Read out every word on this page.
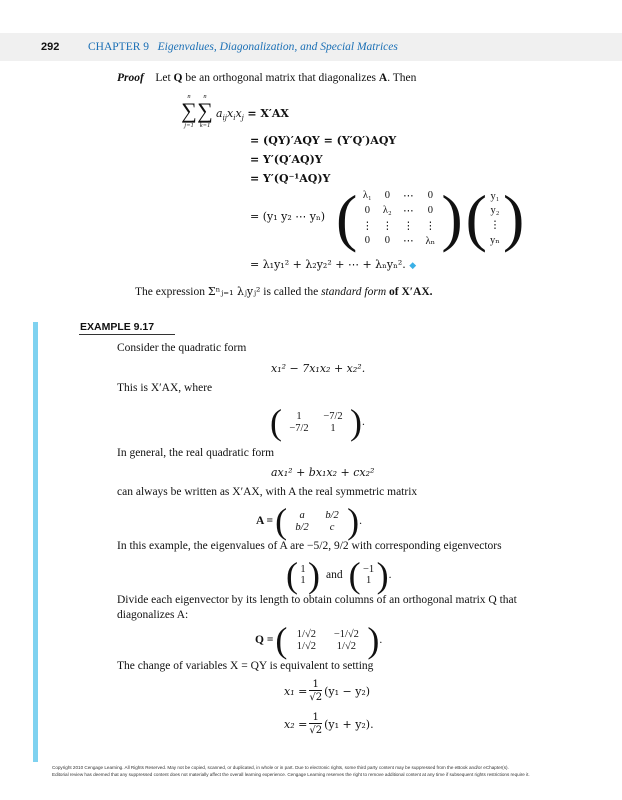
292 CHAPTER 9 Eigenvalues, Diagonalization, and Special Matrices
Proof Let Q be an orthogonal matrix that diagonalizes A. Then
n
∑
j=1
n
∑
k=1
$a_{ij}x_ix_j = X'AX$
= (QY)′AQY = (Y′Q′)AQY
= Y′(Q′AQ)Y
= Y′(Q⁻¹AQ)Y
= (y₁ y₂ ⋯ yₙ) ( λ₁	0	⋯	0
0	λ₂	⋯	0
⋮ ⋮	⋮	⋮
0	0	⋯	λₙ ) ( y₁
y₂
⋮
yₙ )
= λ₁y₁² + λ₂y₂² + ⋯ + λₙyₙ². ◆
The expression Σⁿⱼ₌₁ λⱼyⱼ² is called the standard form of X′AX.
EXAMPLE 9.17
Consider the quadratic form
x₁² − 7x₁x₂ + x₂².
This is X′AX, where
(	1	−7/2
−7/2	1 ) .
In general, the real quadratic form
ax₁² + bx₁x₂ + cx₂²
can always be written as X′AX, with A the real symmetric matrix
A = (	a	b/2
b/2	c ) .
In this example, the eigenvalues of A are −5/2, 9/2 with corresponding eigenvectors
( 1
1 ) and ( −1
1 ) .
Divide each eigenvector by its length to obtain columns of an orthogonal matrix Q that
diagonalizes A:
Q = ( 1/√2	−1/√2
1/√2	1/√2 ) .
The change of variables X = QY is equivalent to setting
$x_1 = \frac{1}{√2} (y_1 - y_2)$
$x_2 = \frac{1}{√2} (y_1 + y_2)$.
Copyright 2010 Cengage Learning. All Rights Reserved. May not be copied, scanned, or duplicated, in whole or in part. Due to electronic rights, some third party content may be suppressed from the eBook and/or eChapter(s).
Editorial review has deemed that any suppressed content does not materially affect the overall learning experience. Cengage Learning reserves the right to remove additional content at any time if subsequent rights restrictions require it.
